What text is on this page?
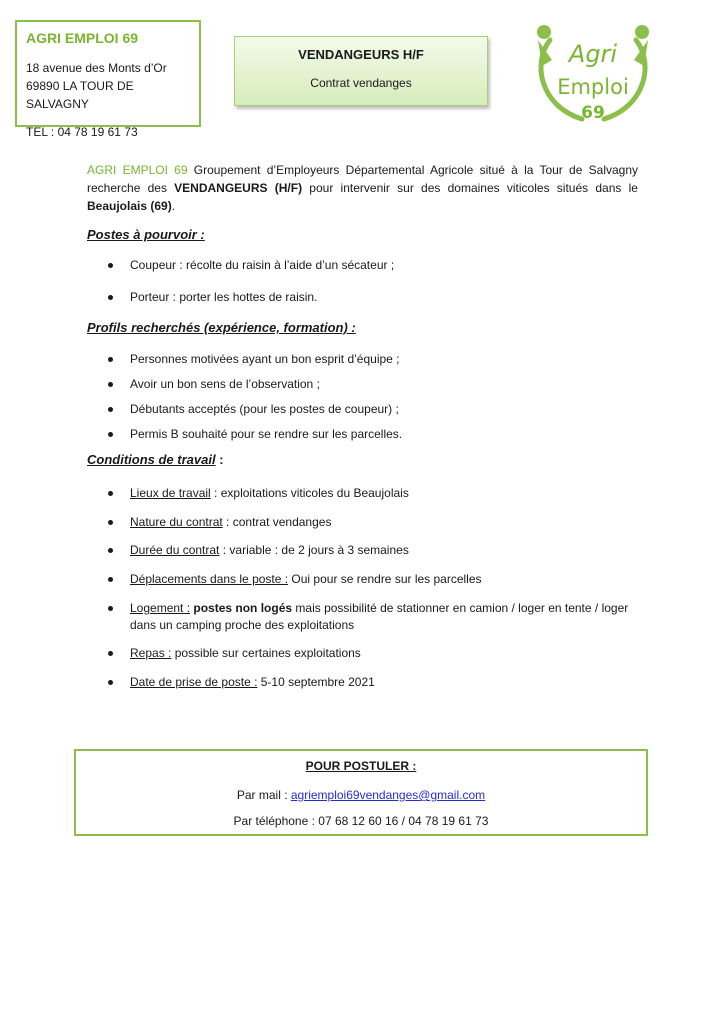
AGRI EMPLOI 69
18 avenue des Monts d’Or
69890 LA TOUR DE SALVAGNY
TEL : 04 78 19 61 73
VENDANGEURS H/F
Contrat vendanges
Agri
Emploi
69
AGRI EMPLOI 69 Groupement d’Employeurs Départemental Agricole situé à la Tour de Salvagny recherche des VENDANGEURS (H/F) pour intervenir sur des domaines viticoles situés dans le Beaujolais (69).
Postes à pourvoir :
Coupeur : récolte du raisin à l’aide d’un sécateur ;
Porteur : porter les hottes de raisin.
Profils recherchés (expérience, formation) :
Personnes motivées ayant un bon esprit d’équipe ;
Avoir un bon sens de l’observation ;
Débutants acceptés (pour les postes de coupeur) ;
Permis B souhaité pour se rendre sur les parcelles.
Conditions de travail :
Lieux de travail : exploitations viticoles du Beaujolais
Nature du contrat : contrat vendanges
Durée du contrat : variable : de 2 jours à 3 semaines
Déplacements dans le poste : Oui pour se rendre sur les parcelles
Logement : postes non logés mais possibilité de stationner en camion / loger en tente / loger dans un camping proche des exploitations
Repas : possible sur certaines exploitations
Date de prise de poste : 5-10 septembre 2021
POUR POSTULER :
Par mail : agriemploi69vendanges@gmail.com
Par téléphone : 07 68 12 60 16 / 04 78 19 61 73
